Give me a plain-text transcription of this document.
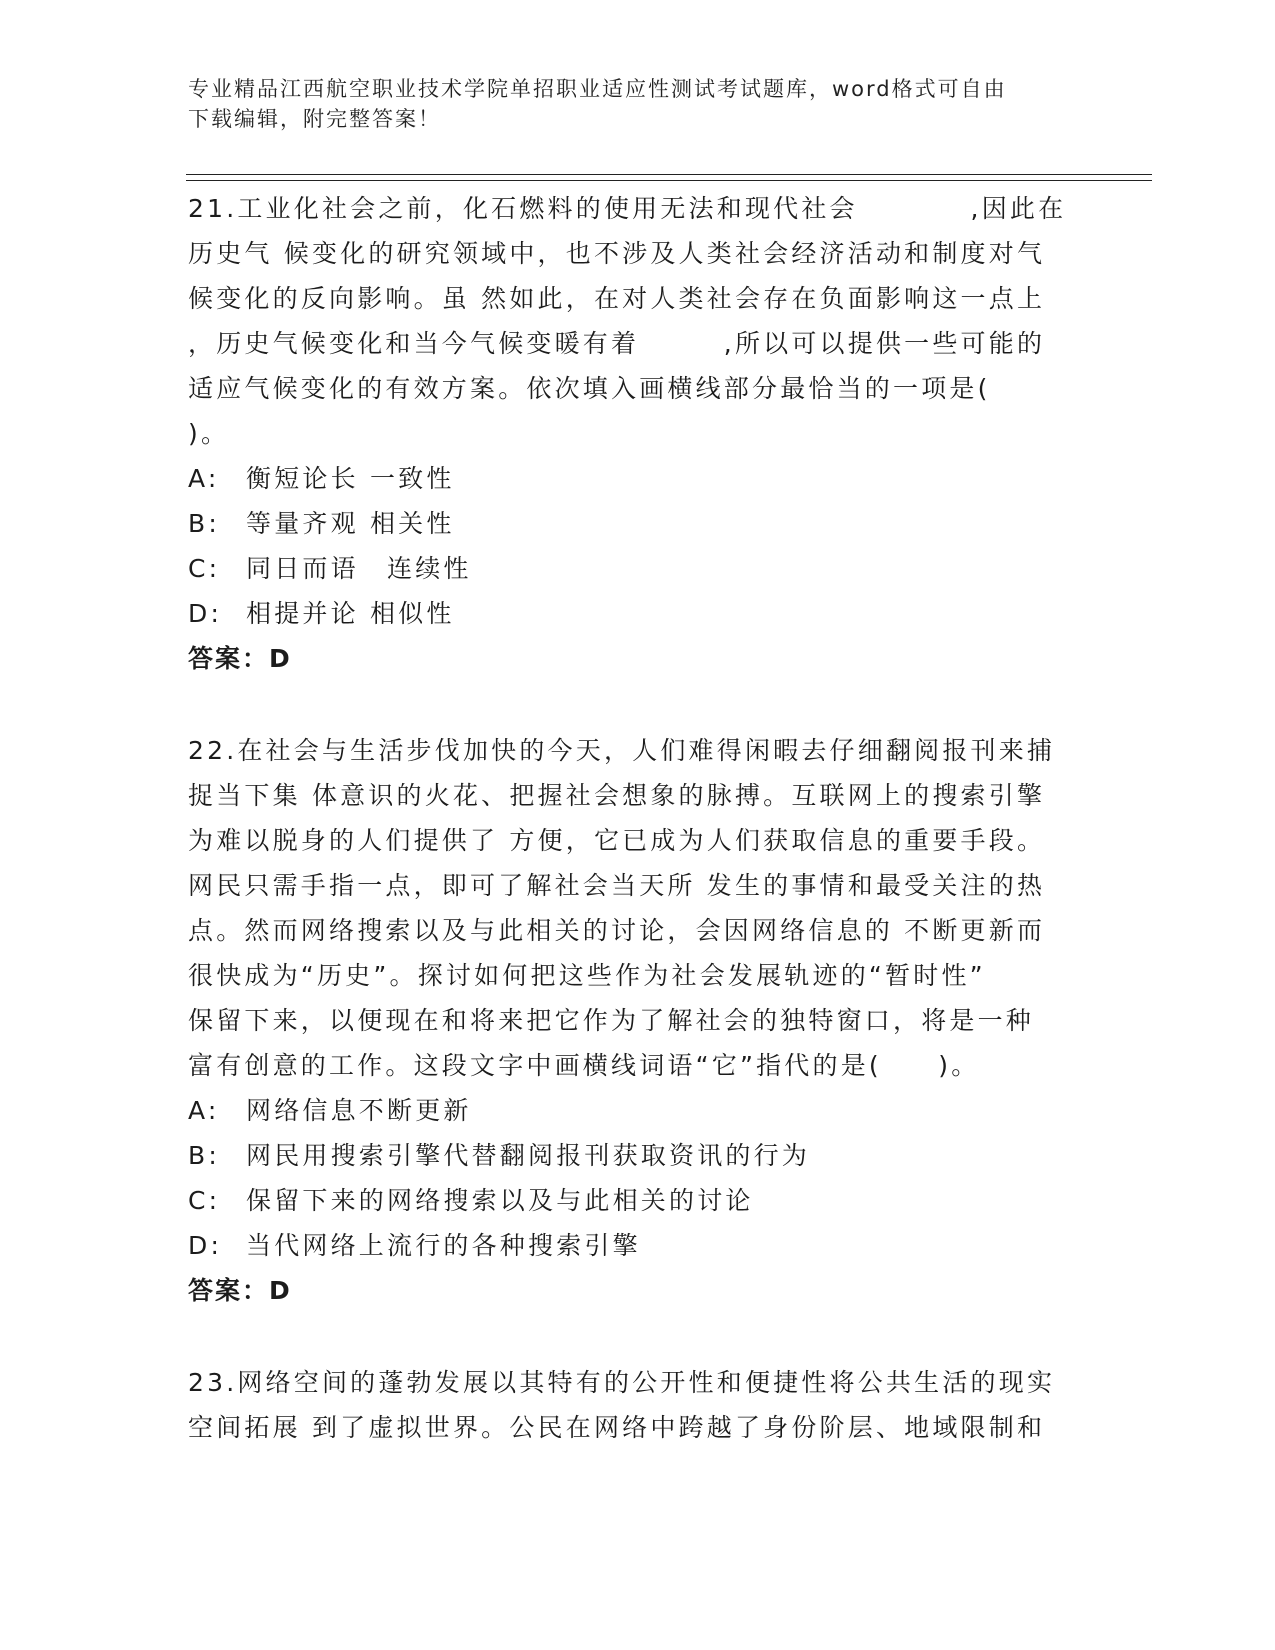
专业精品江西航空职业技术学院单招职业适应性测试考试题库，word格式可自由
下载编辑，附完整答案！
21.工业化社会之前，化石燃料的使用无法和现代社会　　　　,因此在
历史气 候变化的研究领域中，也不涉及人类社会经济活动和制度对气
候变化的反向影响。虽 然如此，在对人类社会存在负面影响这一点上
，历史气候变化和当今气候变暖有着　　　,所以可以提供一些可能的
适应气候变化的有效方案。依次填入画横线部分最恰当的一项是(
)。
A: 衡短论长 一致性
B: 等量齐观 相关性
C: 同日而语　连续性
D: 相提并论 相似性
答案：D
22.在社会与生活步伐加快的今天，人们难得闲暇去仔细翻阅报刊来捕
捉当下集 体意识的火花、把握社会想象的脉搏。互联网上的搜索引擎
为难以脱身的人们提供了 方便，它已成为人们获取信息的重要手段。
网民只需手指一点，即可了解社会当天所 发生的事情和最受关注的热
点。然而网络搜索以及与此相关的讨论，会因网络信息的 不断更新而
很快成为“历史”。探讨如何把这些作为社会发展轨迹的“暂时性”
保留下来，以便现在和将来把它作为了解社会的独特窗口，将是一种
富有创意的工作。这段文字中画横线词语“它”指代的是(　　)。
A: 网络信息不断更新
B: 网民用搜索引擎代替翻阅报刊获取资讯的行为
C: 保留下来的网络搜索以及与此相关的讨论
D: 当代网络上流行的各种搜索引擎
答案：D
23.网络空间的蓬勃发展以其特有的公开性和便捷性将公共生活的现实
空间拓展 到了虚拟世界。公民在网络中跨越了身份阶层、地域限制和
